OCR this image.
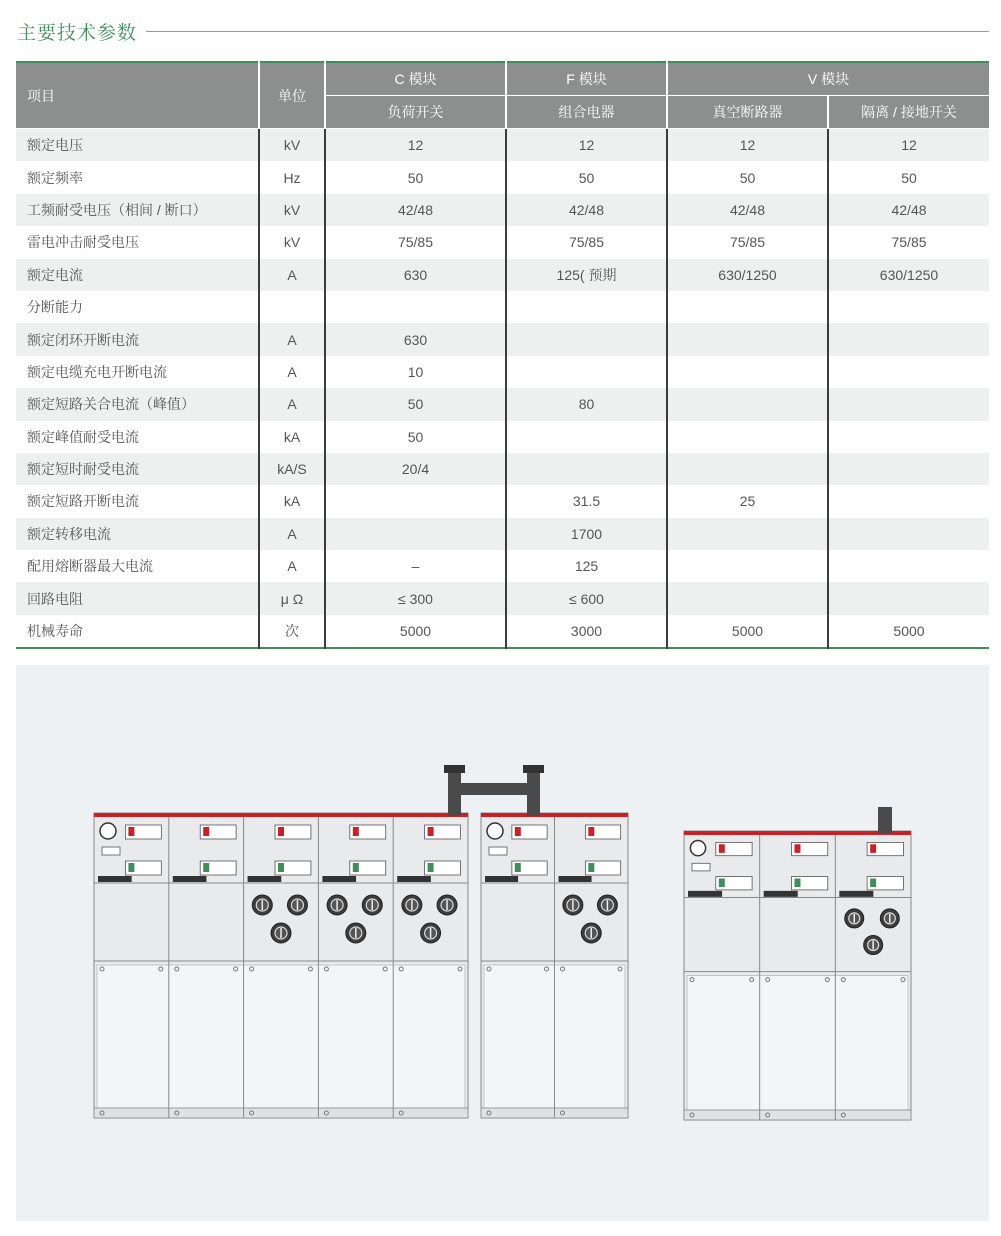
主要技术参数
项目	单位	C 模块	F 模块	V 模块	
		负荷开关	组合电器	真空断路器	隔离 / 接地开关
额定电压	kV	12	12	12	12
额定频率	Hz	50	50	50	50
工频耐受电压（相间 / 断口）	kV	42/48	42/48	42/48	42/48
雷电冲击耐受电压	kV	75/85	75/85	75/85	75/85
额定电流	A	630	125( 预期	630/1250	630/1250
分断能力					
额定闭环开断电流	A	630			
额定电缆充电开断电流	A	10			
额定短路关合电流（峰值）	A	50	80		
额定峰值耐受电流	kA	50			
额定短时耐受电流	kA/S	20/4			
额定短路开断电流	kA		31.5	25	
额定转移电流	A		1700		
配用熔断器最大电流	A	–	125		
回路电阻	μ Ω	≤ 300	≤ 600		
机械寿命	次	5000	3000	5000	5000
